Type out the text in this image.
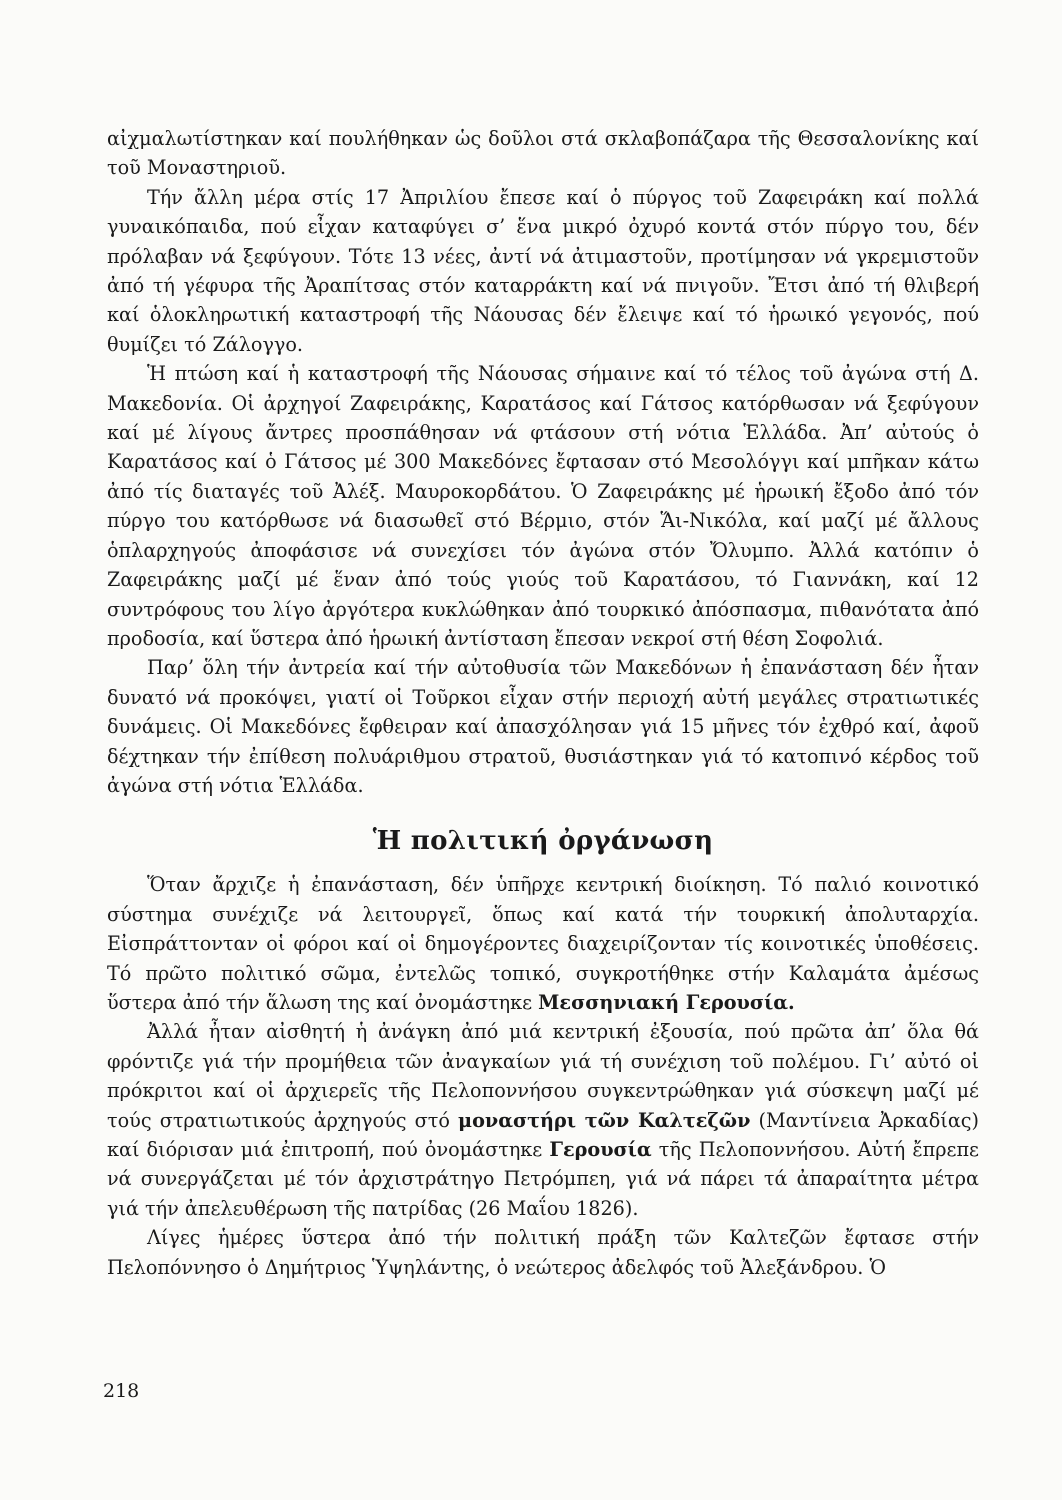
αἰχμαλωτίστηκαν καί πουλήθηκαν ὡς δοῦλοι στά σκλαβοπάζαρα τῆς Θεσσαλονίκης καί τοῦ Μοναστηριοῦ.

Τήν ἄλλη μέρα στίς 17 Ἀπριλίου ἔπεσε καί ὁ πύργος τοῦ Ζαφειράκη καί πολλά γυναικόπαιδα, πού εἶχαν καταφύγει σ’ ἕνα μικρό ὀχυρό κοντά στόν πύργο του, δέν πρόλαβαν νά ξεφύγουν. Τότε 13 νέες, ἀντί νά ἀτιμαστοῦν, προτίμησαν νά γκρεμιστοῦν ἀπό τή γέφυρα τῆς Ἀραπίτσας στόν καταρράκτη καί νά πνιγοῦν. Ἔτσι ἀπό τή θλιβερή καί ὁλοκληρωτική καταστροφή τῆς Νάουσας δέν ἔλειψε καί τό ἡρωικό γεγονός, πού θυμίζει τό Ζάλογγο.

Ἡ πτώση καί ἡ καταστροφή τῆς Νάουσας σήμαινε καί τό τέλος τοῦ ἀγώνα στή Δ. Μακεδονία. Οἱ ἀρχηγοί Ζαφειράκης, Καρατάσος καί Γάτσος κατόρθωσαν νά ξεφύγουν καί μέ λίγους ἄντρες προσπάθησαν νά φτάσουν στή νότια Ἑλλάδα. Ἀπ’ αὐτούς ὁ Καρατάσος καί ὁ Γάτσος μέ 300 Μακεδόνες ἔφτασαν στό Μεσολόγγι καί μπῆκαν κάτω ἀπό τίς διαταγές τοῦ Ἀλέξ. Μαυροκορδάτου. Ὁ Ζαφειράκης μέ ἡρωική ἔξοδο ἀπό τόν πύργο του κατόρθωσε νά διασωθεῖ στό Βέρμιο, στόν Ἅι-Νικόλα, καί μαζί μέ ἄλλους ὁπλαρχηγούς ἀποφάσισε νά συνεχίσει τόν ἀγώνα στόν Ὄλυμπο. Ἀλλά κατόπιν ὁ Ζαφειράκης μαζί μέ ἕναν ἀπό τούς γιούς τοῦ Καρατάσου, τό Γιαννάκη, καί 12 συντρόφους του λίγο ἀργότερα κυκλώθηκαν ἀπό τουρκικό ἀπόσπασμα, πιθανότατα ἀπό προδοσία, καί ὕστερα ἀπό ἡρωική ἀντίσταση ἔπεσαν νεκροί στή θέση Σοφολιά.

Παρ’ ὅλη τήν ἀντρεία καί τήν αὐτοθυσία τῶν Μακεδόνων ἡ ἐπανάσταση δέν ἦταν δυνατό νά προκόψει, γιατί οἱ Τοῦρκοι εἶχαν στήν περιοχή αὐτή μεγάλες στρατιωτικές δυνάμεις. Οἱ Μακεδόνες ἔφθειραν καί ἀπασχόλησαν γιά 15 μῆνες τόν ἐχθρό καί, ἀφοῦ δέχτηκαν τήν ἐπίθεση πολυάριθμου στρατοῦ, θυσιάστηκαν γιά τό κατοπινό κέρδος τοῦ ἀγώνα στή νότια Ἑλλάδα.

Ἡ πολιτική ὀργάνωση

Ὅταν ἄρχιζε ἡ ἐπανάσταση, δέν ὑπῆρχε κεντρική διοίκηση. Τό παλιό κοινοτικό σύστημα συνέχιζε νά λειτουργεῖ, ὅπως καί κατά τήν τουρκική ἀπολυταρχία. Εἰσπράττονταν οἱ φόροι καί οἱ δημογέροντες διαχειρίζονταν τίς κοινοτικές ὑποθέσεις. Τό πρῶτο πολιτικό σῶμα, ἐντελῶς τοπικό, συγκροτήθηκε στήν Καλαμάτα ἀμέσως ὕστερα ἀπό τήν ἅλωση της καί ὀνομάστηκε Μεσσηνιακή Γερουσία.

Ἀλλά ἦταν αἰσθητή ἡ ἀνάγκη ἀπό μιά κεντρική ἐξουσία, πού πρῶτα ἀπ’ ὅλα θά φρόντιζε γιά τήν προμήθεια τῶν ἀναγκαίων γιά τή συνέχιση τοῦ πολέμου. Γι’ αὐτό οἱ πρόκριτοι καί οἱ ἀρχιερεῖς τῆς Πελοποννήσου συγκεντρώθηκαν γιά σύσκεψη μαζί μέ τούς στρατιωτικούς ἀρχηγούς στό μοναστήρι τῶν Καλτεζῶν (Μαντίνεια Ἀρκαδίας) καί διόρισαν μιά ἐπιτροπή, πού ὀνομάστηκε Γερουσία τῆς Πελοποννήσου. Αὐτή ἔπρεπε νά συνεργάζεται μέ τόν ἀρχιστράτηγο Πετρόμπεη, γιά νά πάρει τά ἀπαραίτητα μέτρα γιά τήν ἀπελευθέρωση τῆς πατρίδας (26 Μαΐου 1826).

Λίγες ἡμέρες ὕστερα ἀπό τήν πολιτική πράξη τῶν Καλτεζῶν ἔφτασε στήν Πελοπόννησο ὁ Δημήτριος Ὑψηλάντης, ὁ νεώτερος ἀδελφός τοῦ Ἀλεξάνδρου. Ὁ

218
